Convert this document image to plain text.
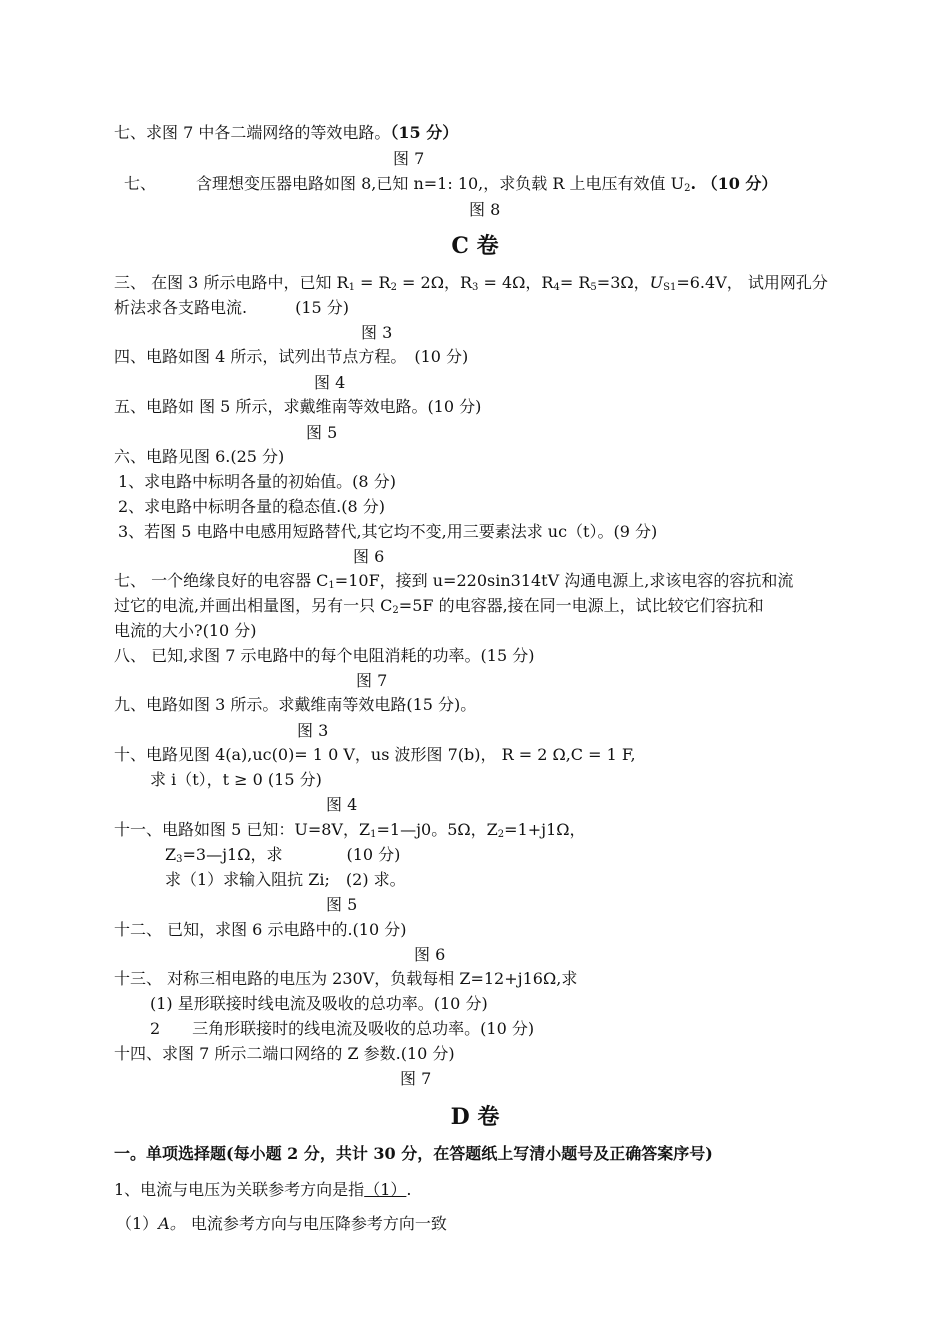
七、求图 7 中各二端网络的等效电路。（15 分）
图 7
七、	含理想变压器电路如图 8,已知 n=1: 10,，求负载 R 上电压有效值 $U_2$. （10 分）
图 8
C 卷
三、 在图 3 所示电路中，已知 $R_1 = R_2 = 2\Omega$，$R_3 = 4\Omega$，$R_4= R_5=3\Omega$，$U_{S1}=6.4V$， 试用网孔分
析法求各支路电流.　　　(15 分)
图 3
四、电路如图 4 所示，试列出节点方程。　(10 分)
图 4
五、电路如 图 5 所示，求戴维南等效电路。(10 分)
图 5
六、电路见图 6.(25 分)
1、求电路中标明各量的初始值。(8 分)
2、求电路中标明各量的稳态值.(8 分)
3、若图 5 电路中电感用短路替代,其它均不变,用三要素法求 uc（t）。(9 分)
图 6
七、 一个绝缘良好的电容器 $C_1=10F$，接到 u=220sin314tV 沟通电源上,求该电容的容抗和流
过它的电流,并画出相量图，另有一只 $C_2=5F$ 的电容器,接在同一电源上，试比较它们容抗和
电流的大小?(10 分)
八、 已知,求图 7 示电路中的每个电阻消耗的功率。(15 分)
图 7
九、电路如图 3 所示。求戴维南等效电路(15 分)。
图 3
十、电路见图 4(a),uc(0)= 1 0 V，us 波形图 7(b)， R = 2 Ω,C = 1 F,
求 i（t），t ≥ 0 (15 分)
图 4
十一、电路如图 5 已知：U=8V，$Z_1=1—j0$。5Ω，$Z_2=1+j1\Omega$，
$Z_3=3—j1\Omega$，求　　　　(10 分)
求（1）求输入阻抗 Zi;　(2) 求。
图 5
十二、 已知，求图 6 示电路中的.(10 分)
图 6
十三、 对称三相电路的电压为 230V，负载每相 Z=12+j16Ω,求
(1) 星形联接时线电流及吸收的总功率。(10 分)
2　　三角形联接时的线电流及吸收的总功率。(10 分)
十四、求图 7 所示二端口网络的 Z 参数.(10 分)
图 7
D 卷
一。单项选择题(每小题 2 分，共计 30 分，在答题纸上写清小题号及正确答案序号)
1、电流与电压为关联参考方向是指（1）.
（1）A。 电流参考方向与电压降参考方向一致
